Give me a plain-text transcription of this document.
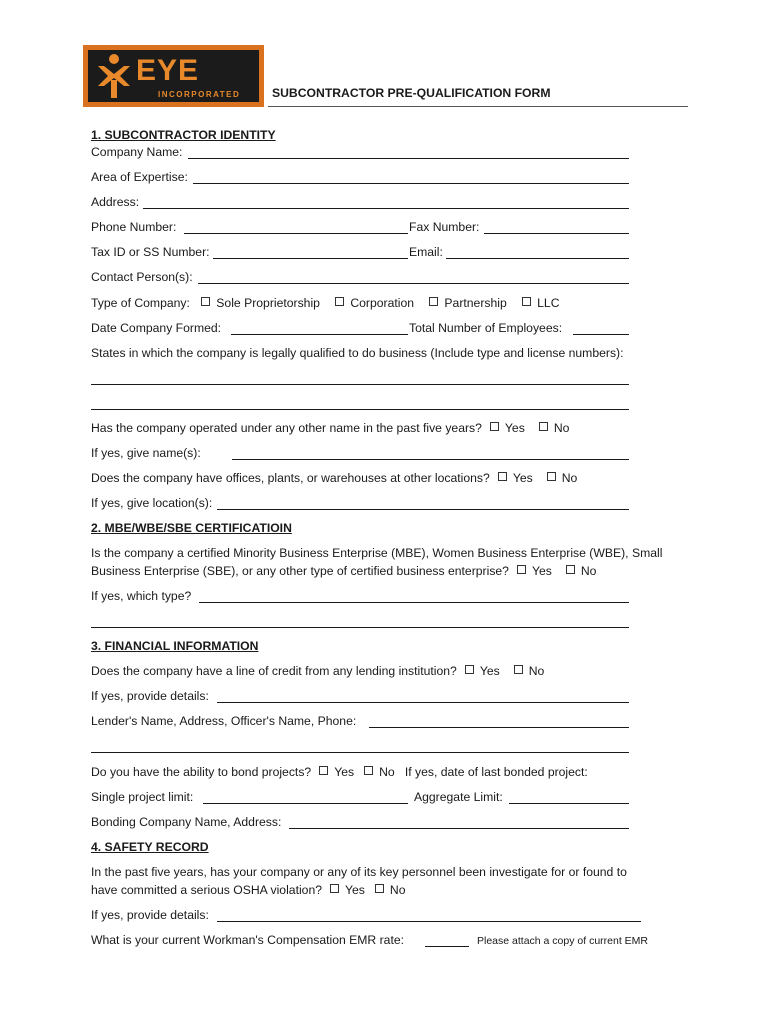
EYE
INCORPORATED	SUBCONTRACTOR PRE-QUALIFICATION FORM
1. SUBCONTRACTOR IDENTITY
Company Name:
Area of Expertise:
Address:
Phone Number:	Fax Number:
Tax ID or SS Number:	Email:
Contact Person(s):
Type of Company: Sole Proprietorship Corporation Partnership LLC
Date Company Formed:	Total Number of Employees:
States in which the company is legally qualified to do business (Include type and license numbers):
Has the company operated under any other name in the past five years? Yes No
If yes, give name(s):
Does the company have offices, plants, or warehouses at other locations? Yes No
If yes, give location(s):
2. MBE/WBE/SBE CERTIFICATIOIN
Is the company a certified Minority Business Enterprise (MBE), Women Business Enterprise (WBE), Small
Business Enterprise (SBE), or any other type of certified business enterprise? Yes No
If yes, which type?
3. FINANCIAL INFORMATION
Does the company have a line of credit from any lending institution? Yes No
If yes, provide details:
Lender's Name, Address, Officer's Name, Phone:
Do you have the ability to bond projects? Yes No If yes, date of last bonded project:
Single project limit:	Aggregate Limit:
Bonding Company Name, Address:
4. SAFETY RECORD
In the past five years, has your company or any of its key personnel been investigate for or found to
have committed a serious OSHA violation? Yes No
If yes, provide details:
What is your current Workman's Compensation EMR rate:	Please attach a copy of current EMR
